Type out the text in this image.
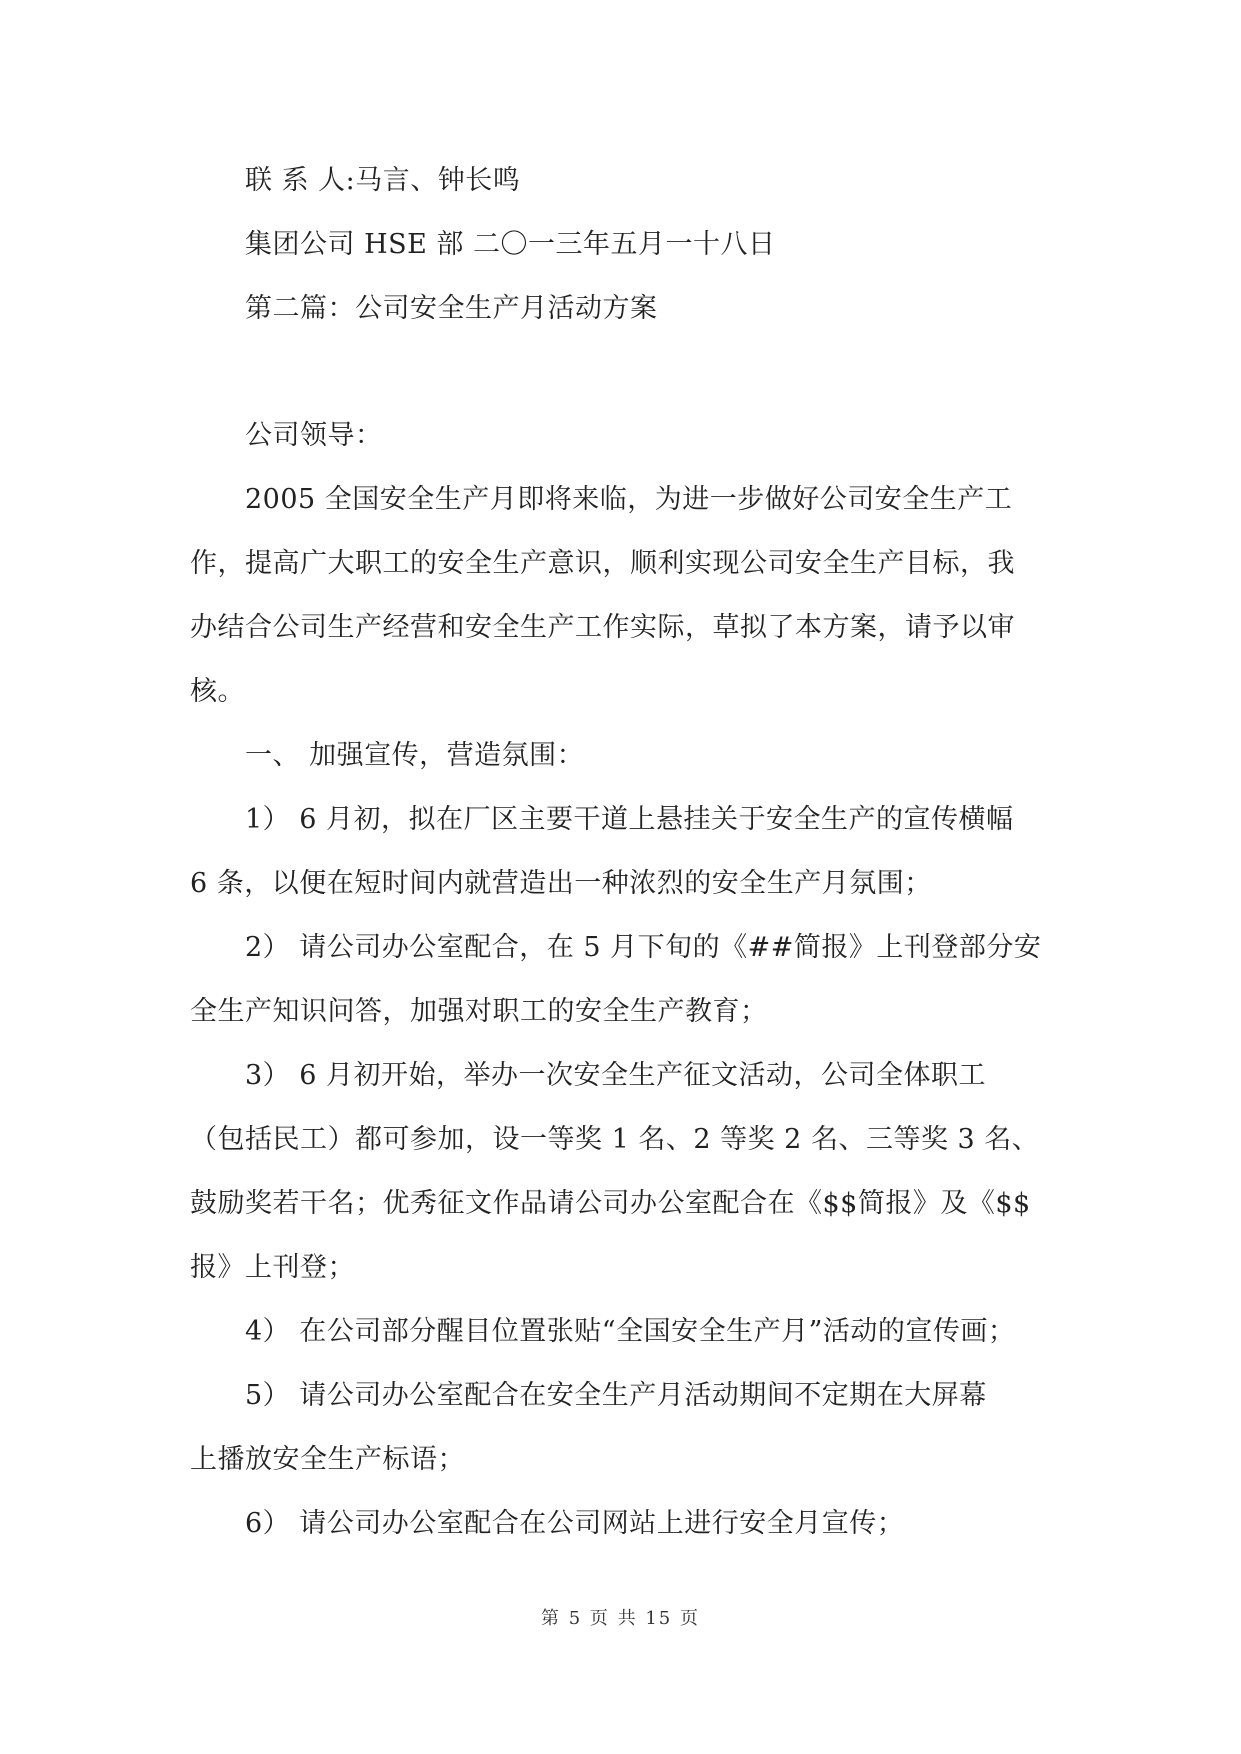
联 系 人:马言、钟长鸣
集团公司 HSE 部 二〇一三年五月一十八日
第二篇：公司安全生产月活动方案
公司领导：
2005 全国安全生产月即将来临，为进一步做好公司安全生产工
作，提高广大职工的安全生产意识，顺利实现公司安全生产目标，我
办结合公司生产经营和安全生产工作实际，草拟了本方案，请予以审
核。
一、 加强宣传，营造氛围：
1） 6 月初，拟在厂区主要干道上悬挂关于安全生产的宣传横幅
6 条，以便在短时间内就营造出一种浓烈的安全生产月氛围；
2） 请公司办公室配合，在 5 月下旬的《##简报》上刊登部分安
全生产知识问答，加强对职工的安全生产教育；
3） 6 月初开始，举办一次安全生产征文活动，公司全体职工
（包括民工）都可参加，设一等奖 1 名、2 等奖 2 名、三等奖 3 名、
鼓励奖若干名；优秀征文作品请公司办公室配合在《$$简报》及《$$
报》上刊登；
4） 在公司部分醒目位置张贴“全国安全生产月”活动的宣传画；
5） 请公司办公室配合在安全生产月活动期间不定期在大屏幕
上播放安全生产标语；
6） 请公司办公室配合在公司网站上进行安全月宣传；
第 5 页 共 15 页
